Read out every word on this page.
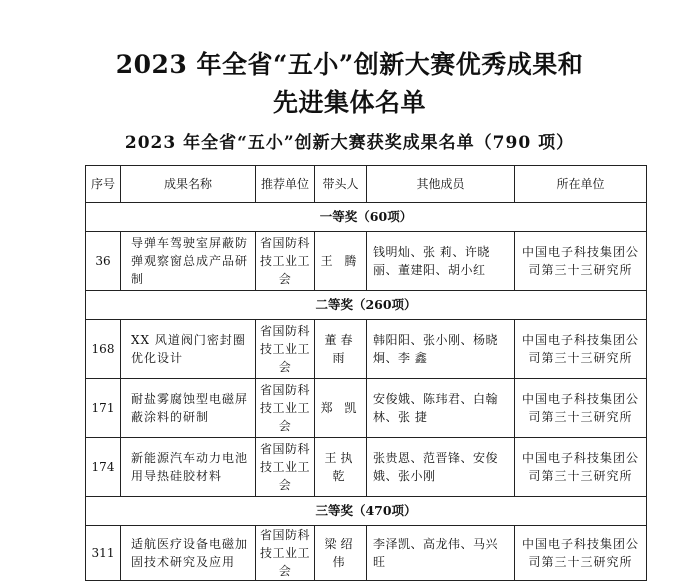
2023 年全省“五小”创新大赛优秀成果和
先进集体名单
2023 年全省“五小”创新大赛获奖成果名单（790 项）
序号	成果名称	推荐单位	带头人	其他成员	所在单位
一等奖（60项）					
36	导弹车驾驶室屏蔽防弹观察窗总成产品研制	省国防科技工业工会	王 腾	钱明灿、张 莉、许晓丽、董建阳、胡小红	中国电子科技集团公司第三十三研究所
二等奖（260项）					
168	XX 风道阀门密封圈优化设计	省国防科技工业工会	董春雨	韩阳阳、张小刚、杨晓炯、李 鑫	中国电子科技集团公司第三十三研究所
171	耐盐雾腐蚀型电磁屏蔽涂料的研制	省国防科技工业工会	郑 凯	安俊娥、陈玮君、白翰林、张 捷	中国电子科技集团公司第三十三研究所
174	新能源汽车动力电池用导热硅胶材料	省国防科技工业工会	王执乾	张贵恩、范晋锋、安俊娥、张小刚	中国电子科技集团公司第三十三研究所
三等奖（470项）					
311	适航医疗设备电磁加固技术研究及应用	省国防科技工业工会	梁绍伟	李泽凯、高龙伟、马兴旺	中国电子科技集团公司第三十三研究所
